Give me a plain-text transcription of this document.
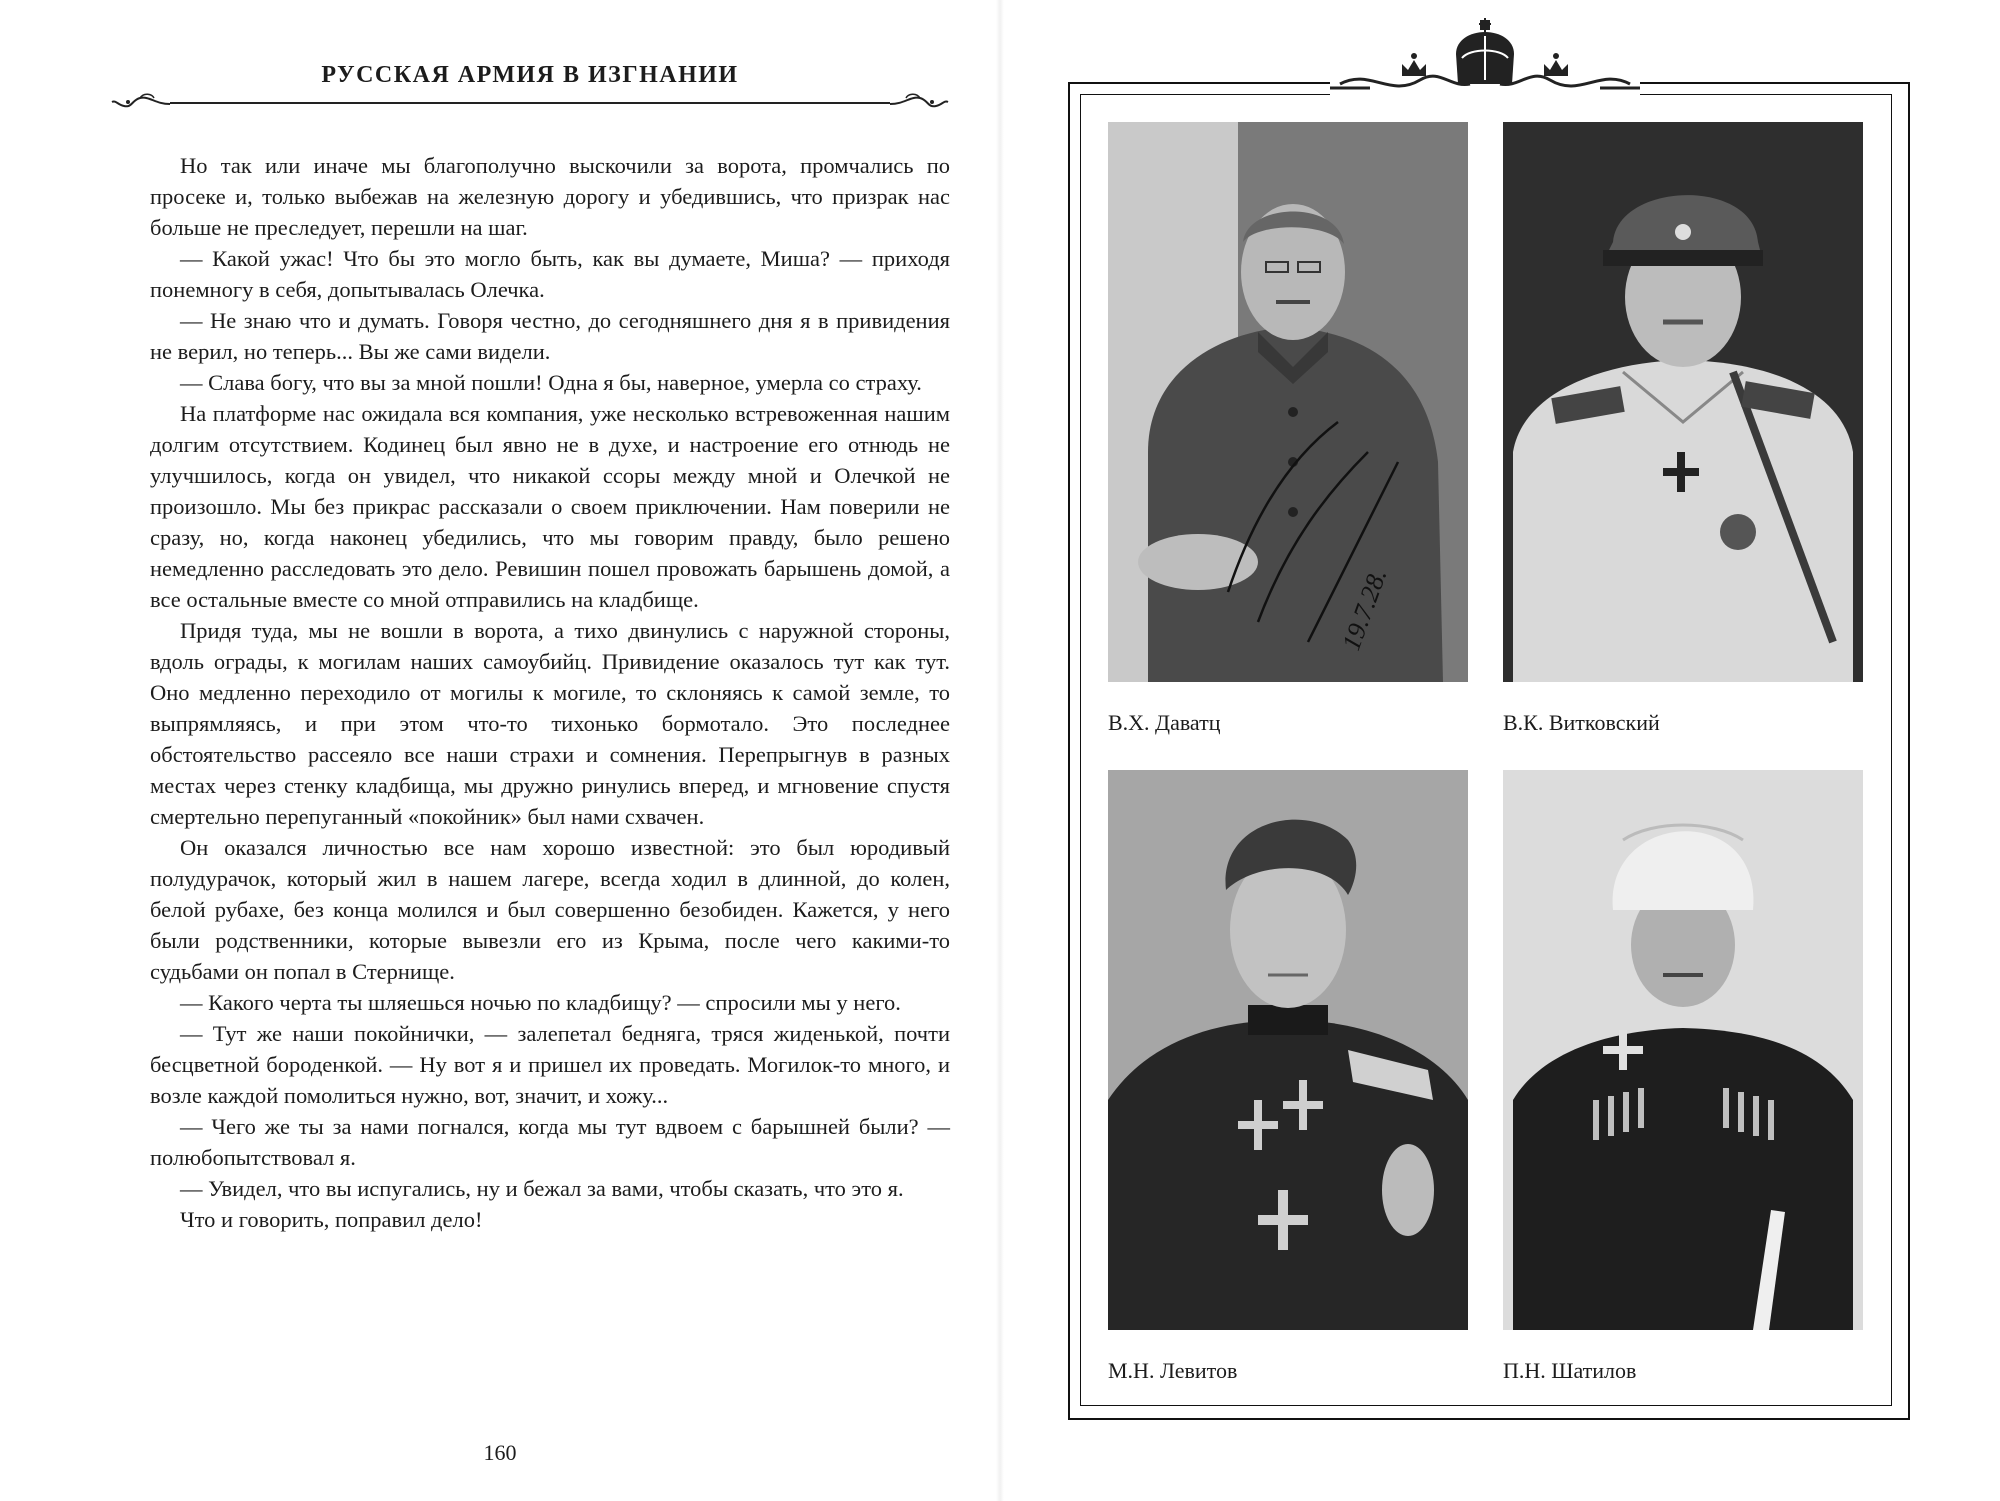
РУССКАЯ АРМИЯ В ИЗГНАНИИ

Но так или иначе мы благополучно выскочили за ворота, промчались по просеке и, только выбежав на железную дорогу и убедившись, что призрак нас больше не преследует, перешли на шаг.

— Какой ужас! Что бы это могло быть, как вы думаете, Миша? — приходя понемногу в себя, допытывалась Олечка.

— Не знаю что и думать. Говоря честно, до сегодняшнего дня я в привидения не верил, но теперь... Вы же сами видели.

— Слава богу, что вы за мной пошли! Одна я бы, наверное, умерла со страху.

На платформе нас ожидала вся компания, уже несколько встревоженная нашим долгим отсутствием. Кодинец был явно не в духе, и настроение его отнюдь не улучшилось, когда он увидел, что никакой ссоры между мной и Олечкой не произошло. Мы без прикрас рассказали о своем приключении. Нам поверили не сразу, но, когда наконец убедились, что мы говорим правду, было решено немедленно расследовать это дело. Ревишин пошел провожать барышень домой, а все остальные вместе со мной отправились на кладбище.

Придя туда, мы не вошли в ворота, а тихо двинулись с наружной стороны, вдоль ограды, к могилам наших самоубийц. Привидение оказалось тут как тут. Оно медленно переходило от могилы к могиле, то склоняясь к самой земле, то выпрямляясь, и при этом что-то тихонько бормотало. Это последнее обстоятельство рассеяло все наши страхи и сомнения. Перепрыгнув в разных местах через стенку кладбища, мы дружно ринулись вперед, и мгновение спустя смертельно перепуганный «покойник» был нами схвачен.

Он оказался личностью все нам хорошо известной: это был юродивый полудурачок, который жил в нашем лагере, всегда ходил в длинной, до колен, белой рубахе, без конца молился и был совершенно безобиден. Кажется, у него были родственники, которые вывезли его из Крыма, после чего какими-то судьбами он попал в Стернище.

— Какого черта ты шляешься ночью по кладбищу? — спросили мы у него.

— Тут же наши покойнички, — залепетал бедняга, тряся жиденькой, почти бесцветной бороденкой. — Ну вот я и пришел их проведать. Могилок-то много, и возле каждой помолиться нужно, вот, значит, и хожу...

— Чего же ты за нами погнался, когда мы тут вдвоем с барышней были? — полюбопытствовал я.

— Увидел, что вы испугались, ну и бежал за вами, чтобы сказать, что это я.

Что и говорить, поправил дело!

160
19.7.28.
В.Х. Даватц	В.К. Витковский
М.Н. Левитов	П.Н. Шатилов
